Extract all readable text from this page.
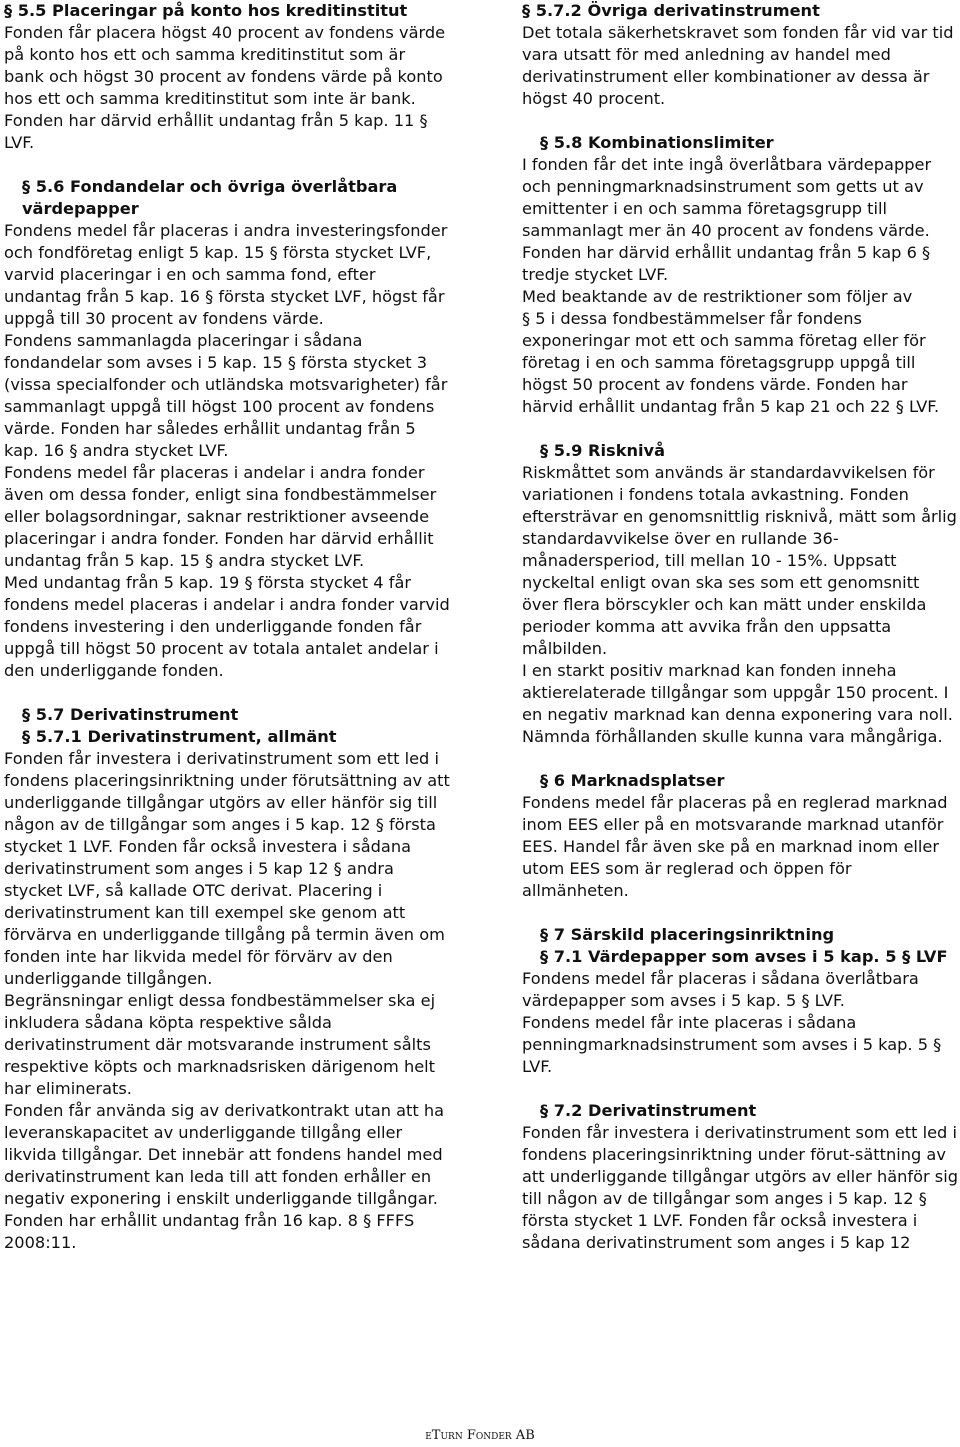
§ 5.5 Placeringar på konto hos kreditinstitut
Fonden får placera högst 40 procent av fondens värde på konto hos ett och samma kreditinstitut som är bank och högst 30 procent av fondens värde på konto hos ett och samma kreditinstitut som inte är bank. Fonden har därvid erhållit undantag från 5 kap. 11 § LVF.
§ 5.6 Fondandelar och övriga överlåtbara värdepapper
Fondens medel får placeras i andra investeringsfonder och fondföretag enligt 5 kap. 15 § första stycket LVF, varvid placeringar i en och samma fond, efter undantag från 5 kap. 16 § första stycket LVF, högst får uppgå till 30 procent av fondens värde.
Fondens sammanlagda placeringar i sådana fondandelar som avses i 5 kap. 15 § första stycket 3 (vissa specialfonder och utländska motsvarigheter) får sammanlagt uppgå till högst 100 procent av fondens värde. Fonden har således erhållit undantag från 5 kap. 16 § andra stycket LVF.
Fondens medel får placeras i andelar i andra fonder även om dessa fonder, enligt sina fondbestämmelser eller bolagsordningar, saknar restriktioner avseende placeringar i andra fonder. Fonden har därvid erhållit undantag från 5 kap. 15 § andra stycket LVF.
Med undantag från 5 kap. 19 § första stycket 4 får fondens medel placeras i andelar i andra fonder varvid fondens investering i den underliggande fonden får uppgå till högst 50 procent av totala antalet andelar i den underliggande fonden.
§ 5.7 Derivatinstrument
§ 5.7.1 Derivatinstrument, allmänt
Fonden får investera i derivatinstrument som ett led i fondens placeringsinriktning under förutsättning av att underliggande tillgångar utgörs av eller hänför sig till någon av de tillgångar som anges i 5 kap. 12 § första stycket 1 LVF. Fonden får också investera i sådana derivatinstrument som anges i 5 kap 12 § andra stycket LVF, så kallade OTC derivat. Placering i derivatinstrument kan till exempel ske genom att förvärva en underliggande tillgång på termin även om fonden inte har likvida medel för förvärv av den underliggande tillgången.
Begränsningar enligt dessa fondbestämmelser ska ej inkludera sådana köpta respektive sålda derivatinstrument där motsvarande instrument sålts respektive köpts och marknadsrisken därigenom helt har eliminerats.
Fonden får använda sig av derivatkontrakt utan att ha leveranskapacitet av underliggande tillgång eller likvida tillgångar. Det innebär att fondens handel med derivatinstrument kan leda till att fonden erhåller en negativ exponering i enskilt underliggande tillgångar. Fonden har erhållit undantag från 16 kap. 8 § FFFS 2008:11.
§ 5.7.2 Övriga derivatinstrument
Det totala säkerhetskravet som fonden får vid var tid vara utsatt för med anledning av handel med derivatinstrument eller kombinationer av dessa är högst 40 procent.
§ 5.8 Kombinationslimiter
I fonden får det inte ingå överlåtbara värdepapper och penningmarknadsinstrument som getts ut av emittenter i en och samma företagsgrupp till sammanlagt mer än 40 procent av fondens värde. Fonden har därvid erhållit undantag från 5 kap 6 § tredje stycket LVF.
Med beaktande av de restriktioner som följer av
§ 5 i dessa fondbestämmelser får fondens exponeringar mot ett och samma företag eller för företag i en och samma företagsgrupp uppgå till högst 50 procent av fondens värde. Fonden har härvid erhållit undantag från 5 kap 21 och 22 § LVF.
§ 5.9 Risknivå
Riskmåttet som används är standardavvikelsen för variationen i fondens totala avkastning. Fonden eftersträvar en genomsnittlig risknivå, mätt som årlig standardavvikelse över en rullande 36-månadersperiod, till mellan 10 - 15%. Uppsatt nyckeltal enligt ovan ska ses som ett genomsnitt över flera börscykler och kan mätt under enskilda perioder komma att avvika från den uppsatta målbilden.
I en starkt positiv marknad kan fonden inneha aktierelaterade tillgångar som uppgår 150 procent. I en negativ marknad kan denna exponering vara noll. Nämnda förhållanden skulle kunna vara mångåriga.
§ 6 Marknadsplatser
Fondens medel får placeras på en reglerad marknad inom EES eller på en motsvarande marknad utanför EES. Handel får även ske på en marknad inom eller utom EES som är reglerad och öppen för allmänheten.
§ 7 Särskild placeringsinriktning
§ 7.1 Värdepapper som avses i 5 kap. 5 § LVF
Fondens medel får placeras i sådana överlåtbara värdepapper som avses i 5 kap. 5 § LVF.
Fondens medel får inte placeras i sådana penningmarknadsinstrument som avses i 5 kap. 5 § LVF.
§ 7.2 Derivatinstrument
Fonden får investera i derivatinstrument som ett led i fondens placeringsinriktning under förut-sättning av att underliggande tillgångar utgörs av eller hänför sig till någon av de tillgångar som anges i 5 kap. 12 § första stycket 1 LVF. Fonden får också investera i sådana derivatinstrument som anges i 5 kap 12
eTurn Fonder AB
